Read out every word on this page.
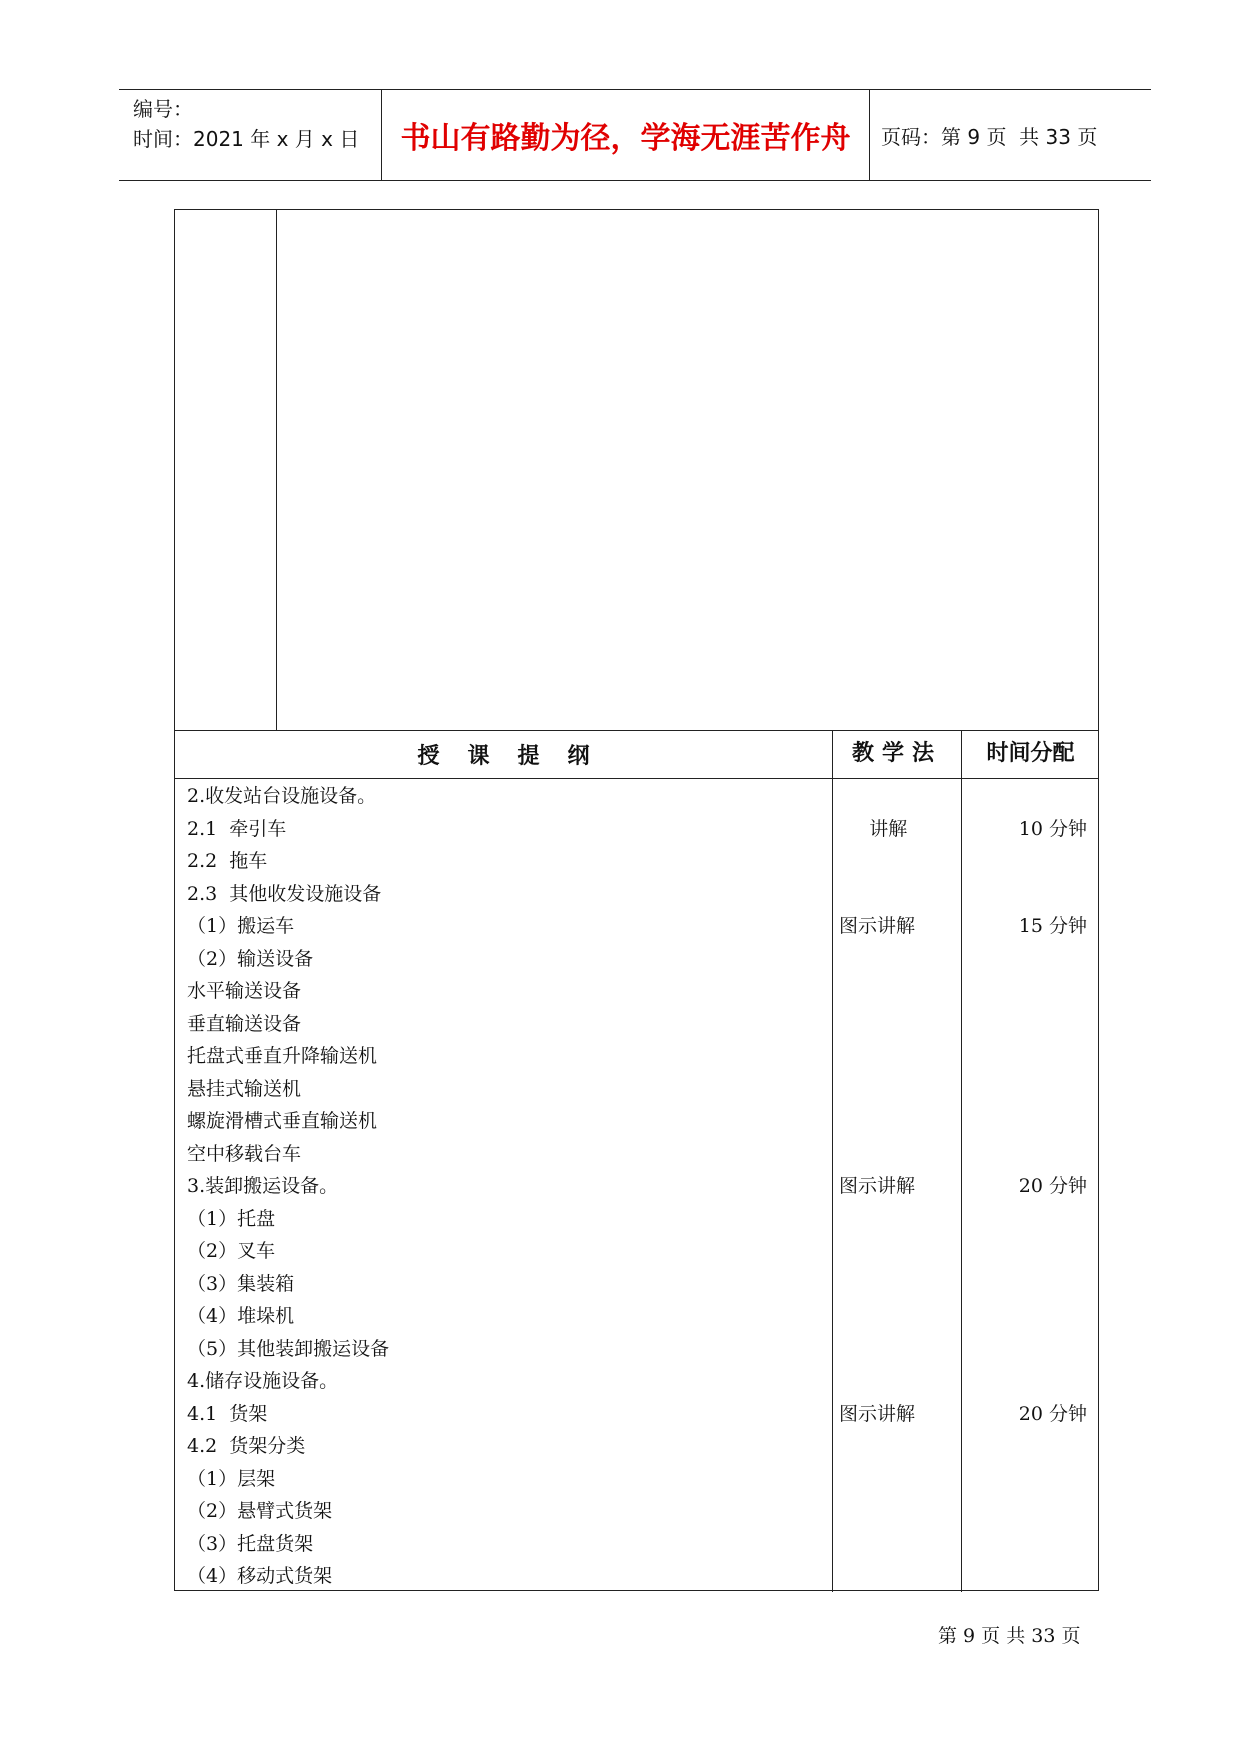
编号：
时间：2021 年 x 月 x 日	书山有路勤为径，学海无涯苦作舟	页码：第 9 页  共 33 页
授课提纲	教学法	时间分配
2.收发站台设施设备。
2.1  牵引车	讲解	10 分钟
2.2  拖车
2.3  其他收发设施设备
（1）搬运车	图示讲解	15 分钟
（2）输送设备
水平输送设备
垂直输送设备
托盘式垂直升降输送机
悬挂式输送机
螺旋滑槽式垂直输送机
空中移载台车
3.装卸搬运设备。	图示讲解	20 分钟
（1）托盘
（2）叉车
（3）集装箱
（4）堆垛机
（5）其他装卸搬运设备
4.储存设施设备。
4.1  货架	图示讲解	20 分钟
4.2  货架分类
（1）层架
（2）悬臂式货架
（3）托盘货架
（4）移动式货架
第 9 页 共 33 页
